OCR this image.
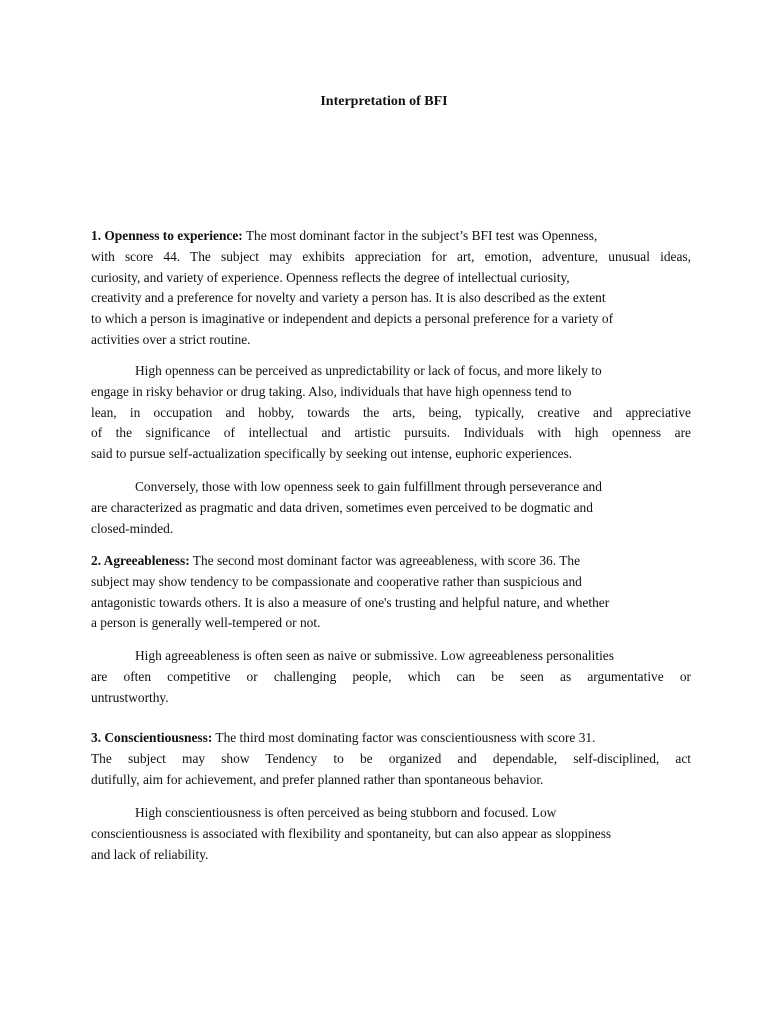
Interpretation of BFI
1. Openness to experience: The most dominant factor in the subject’s BFI test was Openness,
with score 44. The subject may exhibits appreciation for art, emotion, adventure, unusual ideas,
curiosity, and variety of experience. Openness reflects the degree of intellectual curiosity,
creativity and a preference for novelty and variety a person has. It is also described as the extent
to which a person is imaginative or independent and depicts a personal preference for a variety of
activities over a strict routine.
High openness can be perceived as unpredictability or lack of focus, and more likely to
engage in risky behavior or drug taking. Also, individuals that have high openness tend to
lean, in occupation and hobby, towards the arts, being, typically, creative and appreciative
of the significance of intellectual and artistic pursuits. Individuals with high openness are
said to pursue self-actualization specifically by seeking out intense, euphoric experiences.
Conversely, those with low openness seek to gain fulfillment through perseverance and
are characterized as pragmatic and data driven, sometimes even perceived to be dogmatic and
closed-minded.
2. Agreeableness: The second most dominant factor was agreeableness, with score 36. The
subject may show tendency to be compassionate and cooperative rather than suspicious and
antagonistic towards others. It is also a measure of one's trusting and helpful nature, and whether
a person is generally well-tempered or not.
High agreeableness is often seen as naive or submissive. Low agreeableness personalities
are often competitive or challenging people, which can be seen as argumentative or
untrustworthy.
3. Conscientiousness: The third most dominating factor was conscientiousness with score 31.
The subject may show Tendency to be organized and dependable, self-disciplined, act
dutifully, aim for achievement, and prefer planned rather than spontaneous behavior.
High conscientiousness is often perceived as being stubborn and focused. Low
conscientiousness is associated with flexibility and spontaneity, but can also appear as sloppiness
and lack of reliability.
